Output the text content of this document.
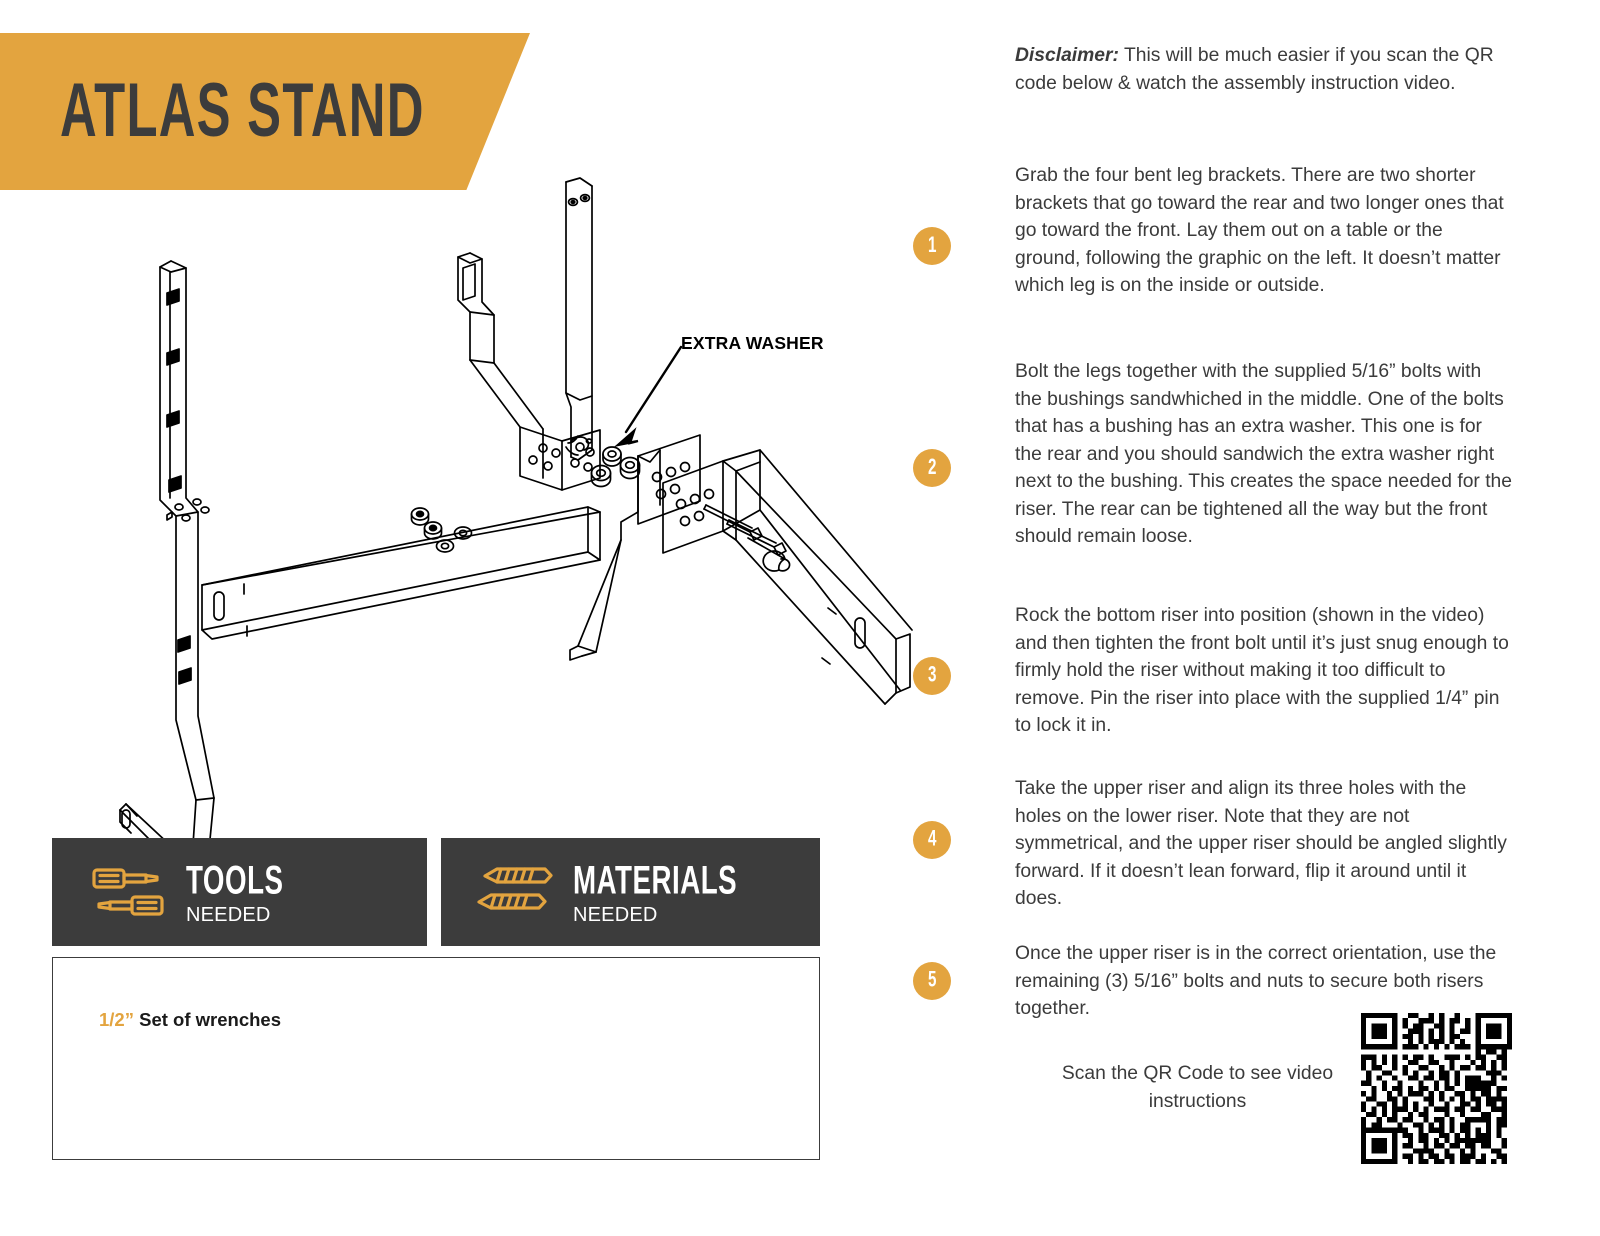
ATLAS STAND
EXTRA WASHER
TOOLS
NEEDED
MATERIALS
NEEDED
1/2” Set of wrenches
1
2
3
4
5

Disclaimer: This will be much easier if you scan the QR code below & watch the assembly instruction video.

Grab the four bent leg brackets. There are two shorter brackets that go toward the rear and two longer ones that go toward the front. Lay them out on a table or the ground, following the graphic on the left. It doesn’t matter which leg is on the inside or outside.

Bolt the legs together with the supplied 5/16” bolts with the bushings sandwhiched in the middle. One of the bolts that has a bushing has an extra washer. This one is for the rear and you should sandwich the extra washer right next to the bushing. This creates the space needed for the riser. The rear can be tightened all the way but the front should remain loose.

Rock the bottom riser into position (shown in the video) and then tighten the front bolt until it’s just snug enough to firmly hold the riser without making it too difficult to remove. Pin the riser into place with the supplied 1/4” pin to lock it in.

Take the upper riser and align its three holes with the holes on the lower riser. Note that they are not symmetrical, and the upper riser should be angled slightly forward. If it doesn’t lean forward, flip it around until it does.

Once the upper riser is in the correct orientation, use the remaining (3) 5/16” bolts and nuts to secure both risers together.

Scan the QR Code to see video instructions
